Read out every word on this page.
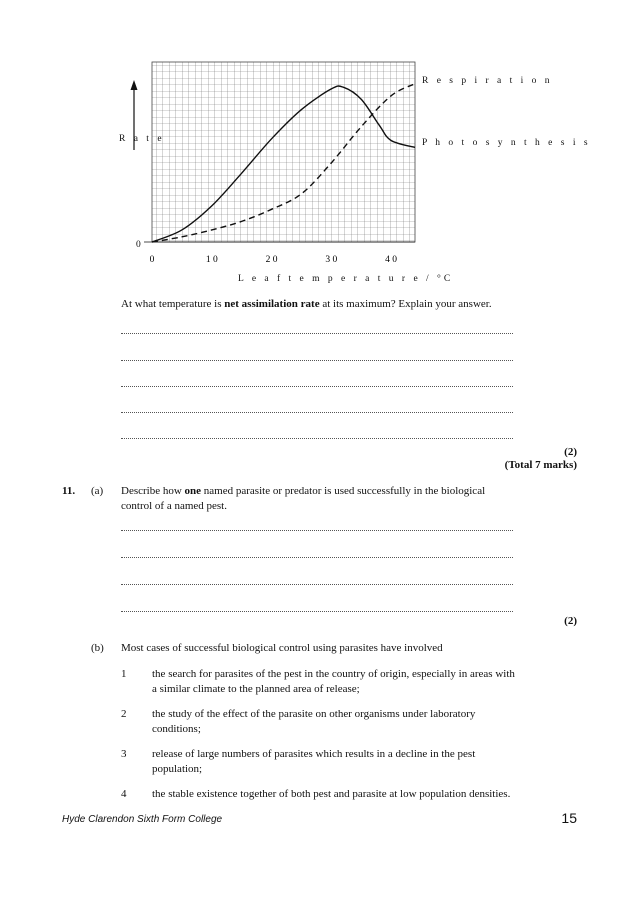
0	1 0	2 0	3 0	4 0
R a t e
0
L e a f t e m p e r a t u r e / °C
R e s p i r a t i o n
P h o t o s y n t h e s i s
At what temperature is net assimilation rate at its maximum? Explain your answer.
(2)
(Total 7 marks)
11. (a) Describe how one named parasite or predator is used successfully in the biological
control of a named pest.
(2)
(b) Most cases of successful biological control using parasites have involved
1 the search for parasites of the pest in the country of origin, especially in areas with
a similar climate to the planned area of release;
2 the study of the effect of the parasite on other organisms under laboratory
conditions;
3 release of large numbers of parasites which results in a decline in the pest
population;
4 the stable existence together of both pest and parasite at low population densities.
Hyde Clarendon Sixth Form College	15
